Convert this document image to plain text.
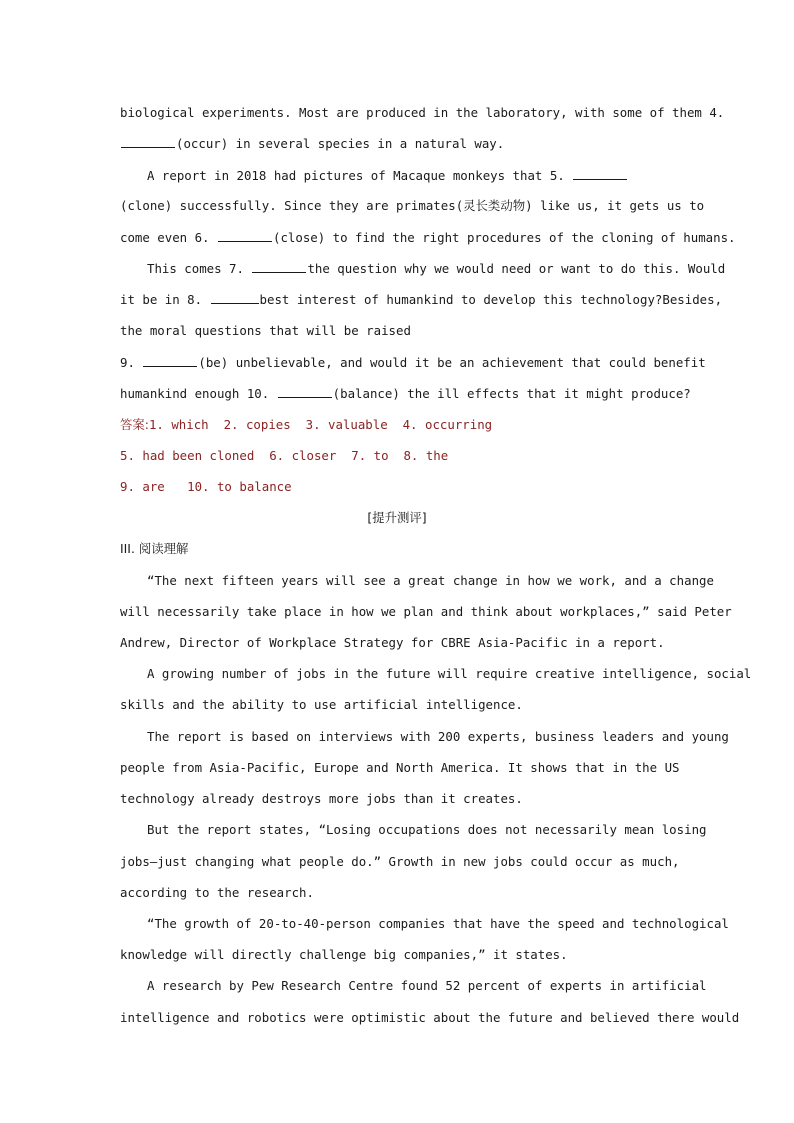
biological experiments. Most are produced in the laboratory, with some of them 4.
(occur) in several species in a natural way.
A report in 2018 had pictures of Macaque monkeys that 5.
(clone) successfully. Since they are primates(灵长类动物) like us, it gets us to
come even 6.	(close) to find the right procedures of the cloning of humans.
This comes 7.	the question why we would need or want to do this. Would
it be in 8.	best interest of humankind to develop this technology?Besides,
the moral questions that will be raised
9.	(be) unbelievable, and would it be an achievement that could benefit
humankind enough 10.	(balance) the ill effects that it might produce?
答案:1. which  2. copies  3. valuable  4. occurring
5. had been cloned  6. closer  7. to  8. the
9. are   10. to balance
[提升测评]
III. 阅读理解
“The next fifteen years will see a great change in how we work, and a change
will necessarily take place in how we plan and think about workplaces,” said Peter
Andrew, Director of Workplace Strategy for CBRE Asia-Pacific in a report.
A growing number of jobs in the future will require creative intelligence, social
skills and the ability to use artificial intelligence.
The report is based on interviews with 200 experts, business leaders and young
people from Asia-Pacific, Europe and North America. It shows that in the US
technology already destroys more jobs than it creates.
But the report states, “Losing occupations does not necessarily mean losing
jobs—just changing what people do.” Growth in new jobs could occur as much,
according to the research.
“The growth of 20-to-40-person companies that have the speed and technological
knowledge will directly challenge big companies,” it states.
A research by Pew Research Centre found 52 percent of experts in artificial
intelligence and robotics were optimistic about the future and believed there would
